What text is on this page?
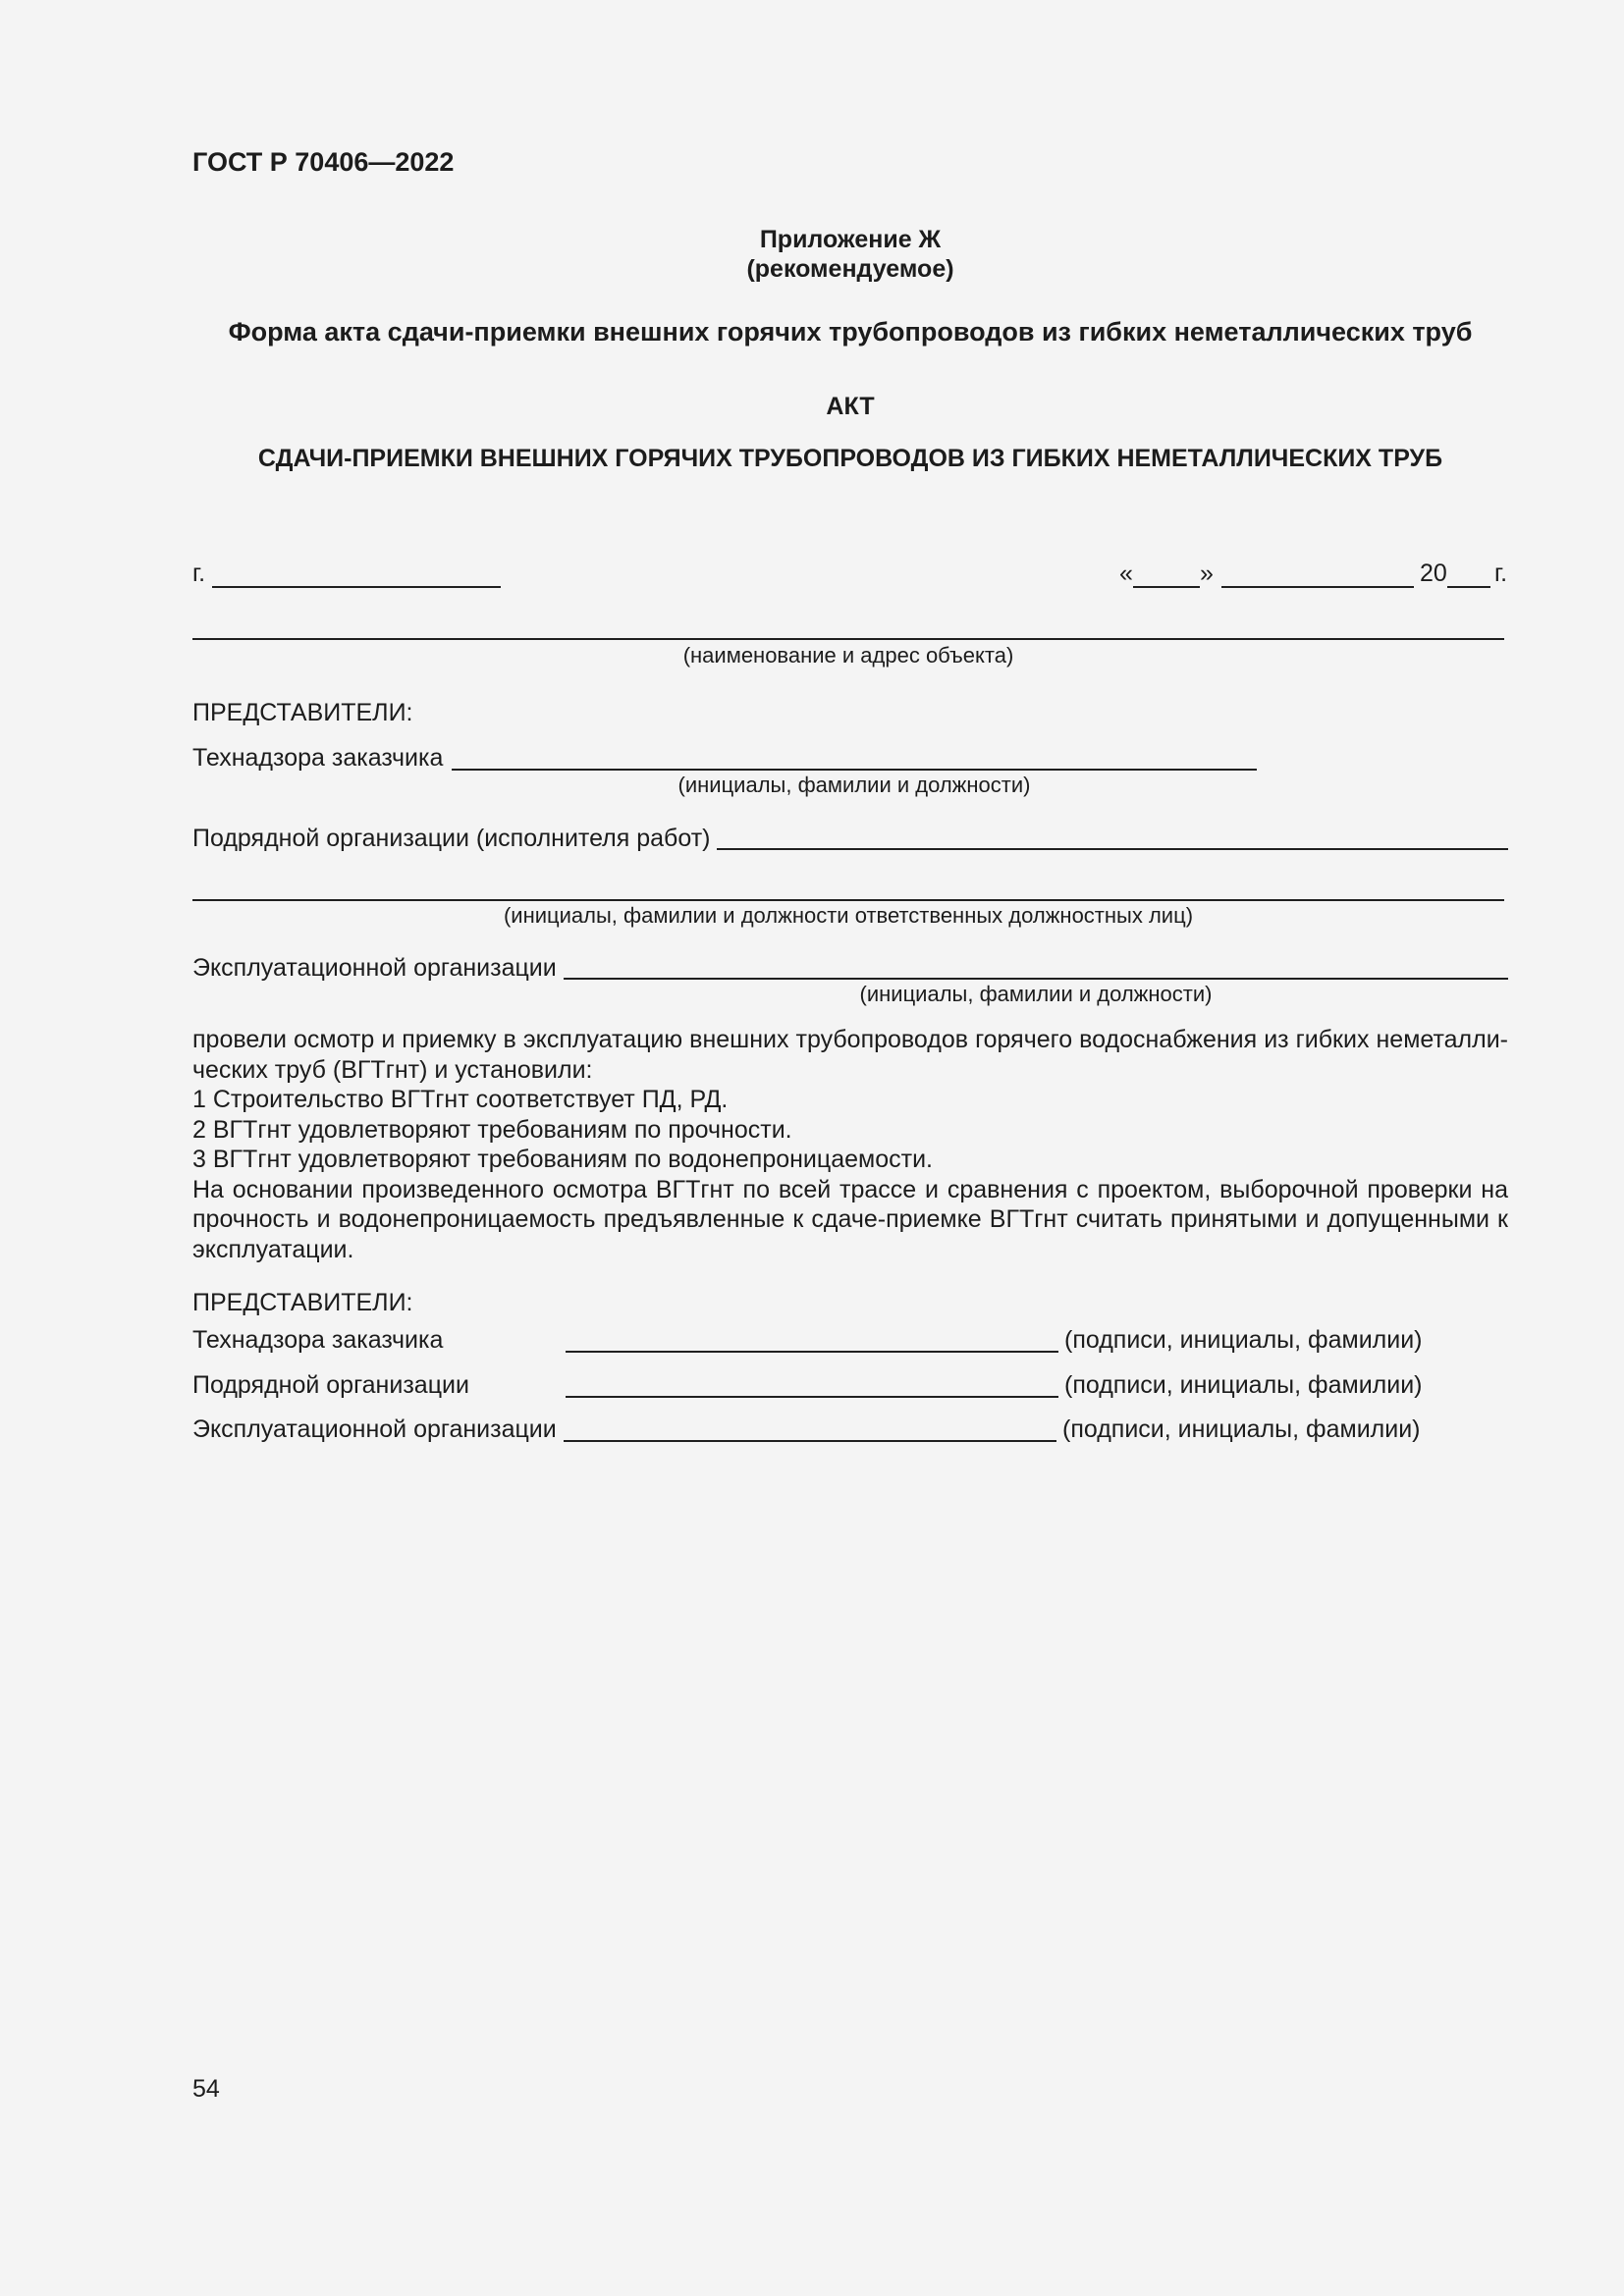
ГОСТ Р 70406—2022
Приложение Ж
(рекомендуемое)
Форма акта сдачи-приемки внешних горячих трубопроводов из гибких неметаллических труб
АКТ
СДАЧИ-ПРИЕМКИ ВНЕШНИХ ГОРЯЧИХ ТРУБОПРОВОДОВ ИЗ ГИБКИХ НЕМЕТАЛЛИЧЕСКИХ ТРУБ
г.	«	»	20 г.
(наименование и адрес объекта)
ПРЕДСТАВИТЕЛИ:
Технадзора заказчика
(инициалы, фамилии и должности)
Подрядной организации (исполнителя работ)
(инициалы, фамилии и должности ответственных должностных лиц)
Эксплуатационной организации
(инициалы, фамилии и должности)

провели осмотр и приемку в эксплуатацию внешних трубопроводов горячего водоснабжения из гибких неметалли-ческих труб (ВГТгнт) и установили:

1 Строительство ВГТгнт соответствует ПД, РД.

2 ВГТгнт удовлетворяют требованиям по прочности.

3 ВГТгнт удовлетворяют требованиям по водонепроницаемости.

На основании произведенного осмотра ВГТгнт по всей трассе и сравнения с проектом, выборочной проверки на прочность и водонепроницаемость предъявленные к сдаче-приемке ВГТгнт считать принятыми и допущенными к эксплуатации.

ПРЕДСТАВИТЕЛИ:
Технадзора заказчика	(подписи, инициалы, фамилии)
Подрядной организации	(подписи, инициалы, фамилии)
Эксплуатационной организации	(подписи, инициалы, фамилии)
54
